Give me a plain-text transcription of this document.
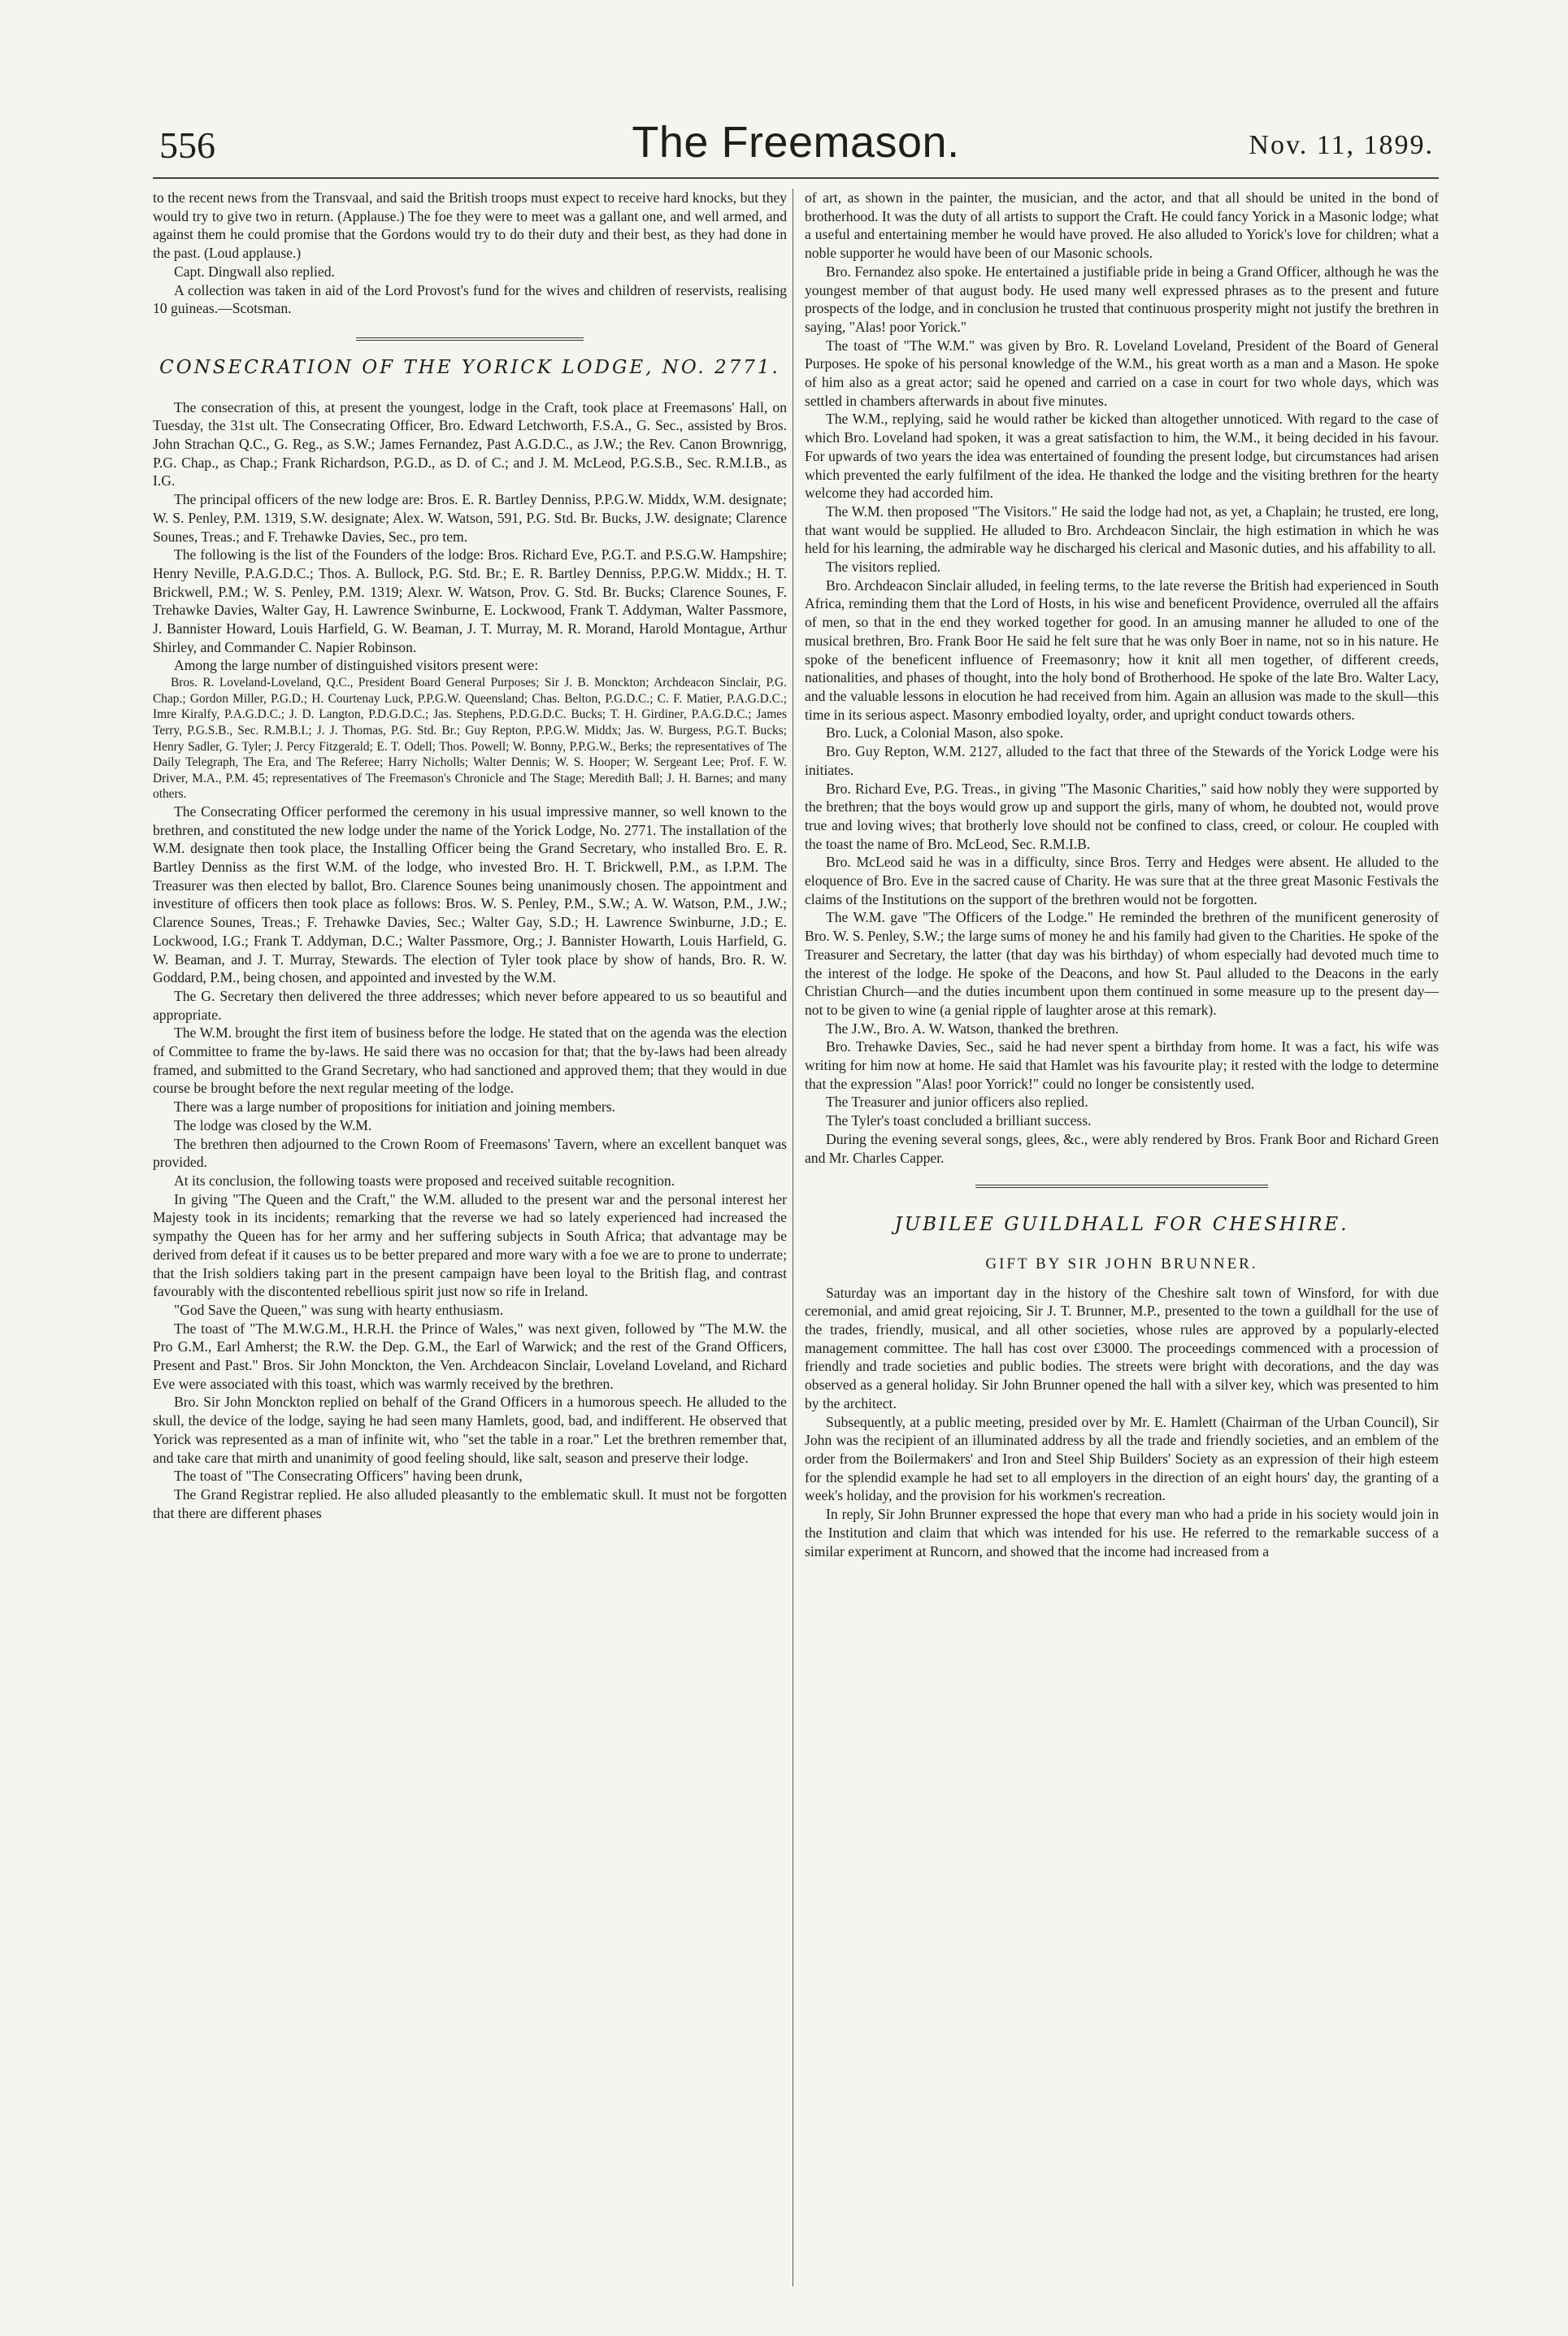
556	The Freemason.	Nov. 11, 1899.

to the recent news from the Transvaal, and said the British troops must expect to receive hard knocks, but they would try to give two in return. (Applause.) The foe they were to meet was a gallant one, and well armed, and against them he could promise that the Gordons would try to do their duty and their best, as they had done in the past. (Loud applause.)

Capt. Dingwall also replied.

A collection was taken in aid of the Lord Provost's fund for the wives and children of reservists, realising 10 guineas.—Scotsman.

CONSECRATION OF THE YORICK LODGE, NO. 2771.

The consecration of this, at present the youngest, lodge in the Craft, took place at Freemasons' Hall, on Tuesday, the 31st ult. The Consecrating Officer, Bro. Edward Letchworth, F.S.A., G. Sec., assisted by Bros. John Strachan Q.C., G. Reg., as S.W.; James Fernandez, Past A.G.D.C., as J.W.; the Rev. Canon Brownrigg, P.G. Chap., as Chap.; Frank Richardson, P.G.D., as D. of C.; and J. M. McLeod, P.G.S.B., Sec. R.M.I.B., as I.G.

The principal officers of the new lodge are: Bros. E. R. Bartley Denniss, P.P.G.W. Middx, W.M. designate; W. S. Penley, P.M. 1319, S.W. designate; Alex. W. Watson, 591, P.G. Std. Br. Bucks, J.W. designate; Clarence Sounes, Treas.; and F. Trehawke Davies, Sec., pro tem.

The following is the list of the Founders of the lodge: Bros. Richard Eve, P.G.T. and P.S.G.W. Hampshire; Henry Neville, P.A.G.D.C.; Thos. A. Bullock, P.G. Std. Br.; E. R. Bartley Denniss, P.P.G.W. Middx.; H. T. Brickwell, P.M.; W. S. Penley, P.M. 1319; Alexr. W. Watson, Prov. G. Std. Br. Bucks; Clarence Sounes, F. Trehawke Davies, Walter Gay, H. Lawrence Swinburne, E. Lockwood, Frank T. Addyman, Walter Passmore, J. Bannister Howard, Louis Harfield, G. W. Beaman, J. T. Murray, M. R. Morand, Harold Montague, Arthur Shirley, and Commander C. Napier Robinson.

Among the large number of distinguished visitors present were:

Bros. R. Loveland-Loveland, Q.C., President Board General Purposes; Sir J. B. Monckton; Archdeacon Sinclair, P.G. Chap.; Gordon Miller, P.G.D.; H. Courtenay Luck, P.P.G.W. Queensland; Chas. Belton, P.G.D.C.; C. F. Matier, P.A.G.D.C.; Imre Kiralfy, P.A.G.D.C.; J. D. Langton, P.D.G.D.C.; Jas. Stephens, P.D.G.D.C. Bucks; T. H. Girdiner, P.A.G.D.C.; James Terry, P.G.S.B., Sec. R.M.B.I.; J. J. Thomas, P.G. Std. Br.; Guy Repton, P.P.G.W. Middx; Jas. W. Burgess, P.G.T. Bucks; Henry Sadler, G. Tyler; J. Percy Fitzgerald; E. T. Odell; Thos. Powell; W. Bonny, P.P.G.W., Berks; the representatives of The Daily Telegraph, The Era, and The Referee; Harry Nicholls; Walter Dennis; W. S. Hooper; W. Sergeant Lee; Prof. F. W. Driver, M.A., P.M. 45; representatives of The Freemason's Chronicle and The Stage; Meredith Ball; J. H. Barnes; and many others.

The Consecrating Officer performed the ceremony in his usual impressive manner, so well known to the brethren, and constituted the new lodge under the name of the Yorick Lodge, No. 2771. The installation of the W.M. designate then took place, the Installing Officer being the Grand Secretary, who installed Bro. E. R. Bartley Denniss as the first W.M. of the lodge, who invested Bro. H. T. Brickwell, P.M., as I.P.M. The Treasurer was then elected by ballot, Bro. Clarence Sounes being unanimously chosen. The appointment and investiture of officers then took place as follows: Bros. W. S. Penley, P.M., S.W.; A. W. Watson, P.M., J.W.; Clarence Sounes, Treas.; F. Trehawke Davies, Sec.; Walter Gay, S.D.; H. Lawrence Swinburne, J.D.; E. Lockwood, I.G.; Frank T. Addyman, D.C.; Walter Passmore, Org.; J. Bannister Howarth, Louis Harfield, G. W. Beaman, and J. T. Murray, Stewards. The election of Tyler took place by show of hands, Bro. R. W. Goddard, P.M., being chosen, and appointed and invested by the W.M.

The G. Secretary then delivered the three addresses; which never before appeared to us so beautiful and appropriate.

The W.M. brought the first item of business before the lodge. He stated that on the agenda was the election of Committee to frame the by-laws. He said there was no occasion for that; that the by-laws had been already framed, and submitted to the Grand Secretary, who had sanctioned and approved them; that they would in due course be brought before the next regular meeting of the lodge.

There was a large number of propositions for initiation and joining members.

The lodge was closed by the W.M.

The brethren then adjourned to the Crown Room of Freemasons' Tavern, where an excellent banquet was provided.

At its conclusion, the following toasts were proposed and received suitable recognition.

In giving "The Queen and the Craft," the W.M. alluded to the present war and the personal interest her Majesty took in its incidents; remarking that the reverse we had so lately experienced had increased the sympathy the Queen has for her army and her suffering subjects in South Africa; that advantage may be derived from defeat if it causes us to be better prepared and more wary with a foe we are to prone to underrate; that the Irish soldiers taking part in the present campaign have been loyal to the British flag, and contrast favourably with the discontented rebellious spirit just now so rife in Ireland.

"God Save the Queen," was sung with hearty enthusiasm.

The toast of "The M.W.G.M., H.R.H. the Prince of Wales," was next given, followed by "The M.W. the Pro G.M., Earl Amherst; the R.W. the Dep. G.M., the Earl of Warwick; and the rest of the Grand Officers, Present and Past." Bros. Sir John Monckton, the Ven. Archdeacon Sinclair, Loveland Loveland, and Richard Eve were associated with this toast, which was warmly received by the brethren.

Bro. Sir John Monckton replied on behalf of the Grand Officers in a humorous speech. He alluded to the skull, the device of the lodge, saying he had seen many Hamlets, good, bad, and indifferent. He observed that Yorick was represented as a man of infinite wit, who "set the table in a roar." Let the brethren remember that, and take care that mirth and unanimity of good feeling should, like salt, season and preserve their lodge.

The toast of "The Consecrating Officers" having been drunk,

The Grand Registrar replied. He also alluded pleasantly to the emblematic skull. It must not be forgotten that there are different phases

of art, as shown in the painter, the musician, and the actor, and that all should be united in the bond of brotherhood. It was the duty of all artists to support the Craft. He could fancy Yorick in a Masonic lodge; what a useful and entertaining member he would have proved. He also alluded to Yorick's love for children; what a noble supporter he would have been of our Masonic schools.

Bro. Fernandez also spoke. He entertained a justifiable pride in being a Grand Officer, although he was the youngest member of that august body. He used many well expressed phrases as to the present and future prospects of the lodge, and in conclusion he trusted that continuous prosperity might not justify the brethren in saying, "Alas! poor Yorick."

The toast of "The W.M." was given by Bro. R. Loveland Loveland, President of the Board of General Purposes. He spoke of his personal knowledge of the W.M., his great worth as a man and a Mason. He spoke of him also as a great actor; said he opened and carried on a case in court for two whole days, which was settled in chambers afterwards in about five minutes.

The W.M., replying, said he would rather be kicked than altogether unnoticed. With regard to the case of which Bro. Loveland had spoken, it was a great satisfaction to him, the W.M., it being decided in his favour. For upwards of two years the idea was entertained of founding the present lodge, but circumstances had arisen which prevented the early fulfilment of the idea. He thanked the lodge and the visiting brethren for the hearty welcome they had accorded him.

The W.M. then proposed "The Visitors." He said the lodge had not, as yet, a Chaplain; he trusted, ere long, that want would be supplied. He alluded to Bro. Archdeacon Sinclair, the high estimation in which he was held for his learning, the admirable way he discharged his clerical and Masonic duties, and his affability to all.

The visitors replied.

Bro. Archdeacon Sinclair alluded, in feeling terms, to the late reverse the British had experienced in South Africa, reminding them that the Lord of Hosts, in his wise and beneficent Providence, overruled all the affairs of men, so that in the end they worked together for good. In an amusing manner he alluded to one of the musical brethren, Bro. Frank Boor He said he felt sure that he was only Boer in name, not so in his nature. He spoke of the beneficent influence of Freemasonry; how it knit all men together, of different creeds, nationalities, and phases of thought, into the holy bond of Brotherhood. He spoke of the late Bro. Walter Lacy, and the valuable lessons in elocution he had received from him. Again an allusion was made to the skull—this time in its serious aspect. Masonry embodied loyalty, order, and upright conduct towards others.

Bro. Luck, a Colonial Mason, also spoke.

Bro. Guy Repton, W.M. 2127, alluded to the fact that three of the Stewards of the Yorick Lodge were his initiates.

Bro. Richard Eve, P.G. Treas., in giving "The Masonic Charities," said how nobly they were supported by the brethren; that the boys would grow up and support the girls, many of whom, he doubted not, would prove true and loving wives; that brotherly love should not be confined to class, creed, or colour. He coupled with the toast the name of Bro. McLeod, Sec. R.M.I.B.

Bro. McLeod said he was in a difficulty, since Bros. Terry and Hedges were absent. He alluded to the eloquence of Bro. Eve in the sacred cause of Charity. He was sure that at the three great Masonic Festivals the claims of the Institutions on the support of the brethren would not be forgotten.

The W.M. gave "The Officers of the Lodge." He reminded the brethren of the munificent generosity of Bro. W. S. Penley, S.W.; the large sums of money he and his family had given to the Charities. He spoke of the Treasurer and Secretary, the latter (that day was his birthday) of whom especially had devoted much time to the interest of the lodge. He spoke of the Deacons, and how St. Paul alluded to the Deacons in the early Christian Church—and the duties incumbent upon them continued in some measure up to the present day—not to be given to wine (a genial ripple of laughter arose at this remark).

The J.W., Bro. A. W. Watson, thanked the brethren.

Bro. Trehawke Davies, Sec., said he had never spent a birthday from home. It was a fact, his wife was writing for him now at home. He said that Hamlet was his favourite play; it rested with the lodge to determine that the expression "Alas! poor Yorrick!" could no longer be consistently used.

The Treasurer and junior officers also replied.

The Tyler's toast concluded a brilliant success.

During the evening several songs, glees, &c., were ably rendered by Bros. Frank Boor and Richard Green and Mr. Charles Capper.

JUBILEE GUILDHALL FOR CHESHIRE.
GIFT BY SIR JOHN BRUNNER.

Saturday was an important day in the history of the Cheshire salt town of Winsford, for with due ceremonial, and amid great rejoicing, Sir J. T. Brunner, M.P., presented to the town a guildhall for the use of the trades, friendly, musical, and all other societies, whose rules are approved by a popularly-elected management committee. The hall has cost over £3000. The proceedings commenced with a procession of friendly and trade societies and public bodies. The streets were bright with decorations, and the day was observed as a general holiday. Sir John Brunner opened the hall with a silver key, which was presented to him by the architect.

Subsequently, at a public meeting, presided over by Mr. E. Hamlett (Chairman of the Urban Council), Sir John was the recipient of an illuminated address by all the trade and friendly societies, and an emblem of the order from the Boilermakers' and Iron and Steel Ship Builders' Society as an expression of their high esteem for the splendid example he had set to all employers in the direction of an eight hours' day, the granting of a week's holiday, and the provision for his workmen's recreation.

In reply, Sir John Brunner expressed the hope that every man who had a pride in his society would join in the Institution and claim that which was intended for his use. He referred to the remarkable success of a similar experiment at Runcorn, and showed that the income had increased from a
